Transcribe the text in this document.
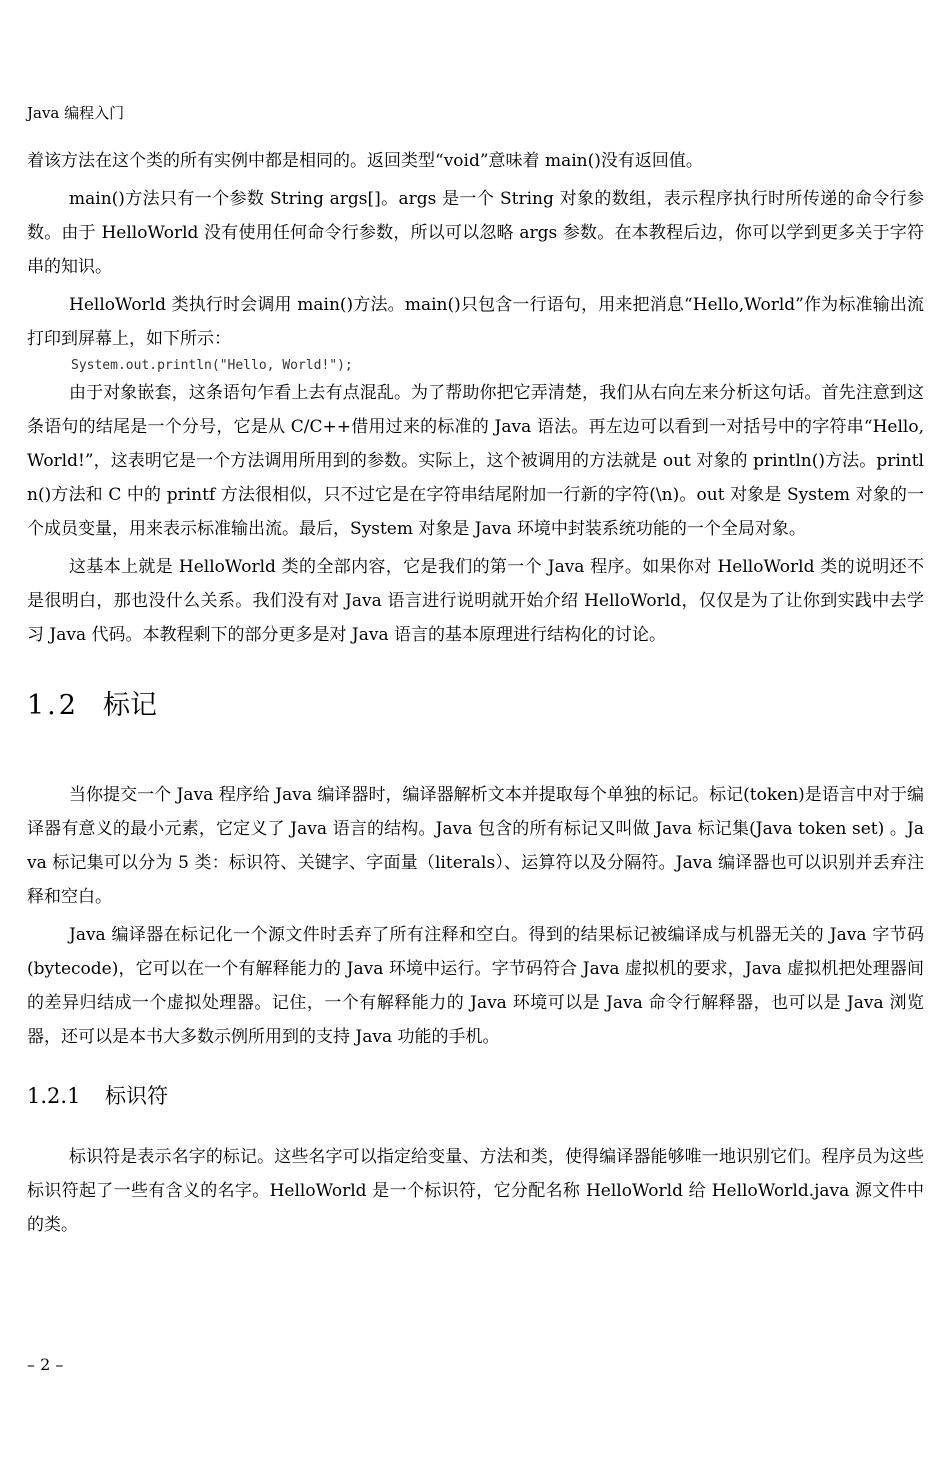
Java 编程入门

着该方法在这个类的所有实例中都是相同的。返回类型“void”意味着 main()没有返回值。

main()方法只有一个参数 String args[]。args 是一个 String 对象的数组，表示程序执行时所传递的命令行参数。由于 HelloWorld 没有使用任何命令行参数，所以可以忽略 args 参数。在本教程后边，你可以学到更多关于字符串的知识。

HelloWorld 类执行时会调用 main()方法。main()只包含一行语句，用来把消息“Hello,World”作为标准输出流打印到屏幕上，如下所示：

System.out.println("Hello, World!");

由于对象嵌套，这条语句乍看上去有点混乱。为了帮助你把它弄清楚，我们从右向左来分析这句话。首先注意到这条语句的结尾是一个分号，它是从 C/C++借用过来的标准的 Java 语法。再左边可以看到一对括号中的字符串“Hello,World!”，这表明它是一个方法调用所用到的参数。实际上，这个被调用的方法就是 out 对象的 println()方法。println()方法和 C 中的 printf 方法很相似，只不过它是在字符串结尾附加一行新的字符(\n)。out 对象是 System 对象的一个成员变量，用来表示标准输出流。最后，System 对象是 Java 环境中封装系统功能的一个全局对象。

这基本上就是 HelloWorld 类的全部内容，它是我们的第一个 Java 程序。如果你对 HelloWorld 类的说明还不是很明白，那也没什么关系。我们没有对 Java 语言进行说明就开始介绍 HelloWorld，仅仅是为了让你到实践中去学习 Java 代码。本教程剩下的部分更多是对 Java 语言的基本原理进行结构化的讨论。

1.2 标记

当你提交一个 Java 程序给 Java 编译器时，编译器解析文本并提取每个单独的标记。标记(token)是语言中对于编译器有意义的最小元素，它定义了 Java 语言的结构。Java 包含的所有标记又叫做 Java 标记集(Java token set) 。Java 标记集可以分为 5 类：标识符、关键字、字面量（literals）、运算符以及分隔符。Java 编译器也可以识别并丢弃注释和空白。

Java 编译器在标记化一个源文件时丢弃了所有注释和空白。得到的结果标记被编译成与机器无关的 Java 字节码(bytecode)，它可以在一个有解释能力的 Java 环境中运行。字节码符合 Java 虚拟机的要求，Java 虚拟机把处理器间的差异归结成一个虚拟处理器。记住，一个有解释能力的 Java 环境可以是 Java 命令行解释器，也可以是 Java 浏览器，还可以是本书大多数示例所用到的支持 Java 功能的手机。

1.2.1 标识符

标识符是表示名字的标记。这些名字可以指定给变量、方法和类，使得编译器能够唯一地识别它们。程序员为这些标识符起了一些有含义的名字。HelloWorld 是一个标识符，它分配名称 HelloWorld 给 HelloWorld.java 源文件中的类。

– 2 –
